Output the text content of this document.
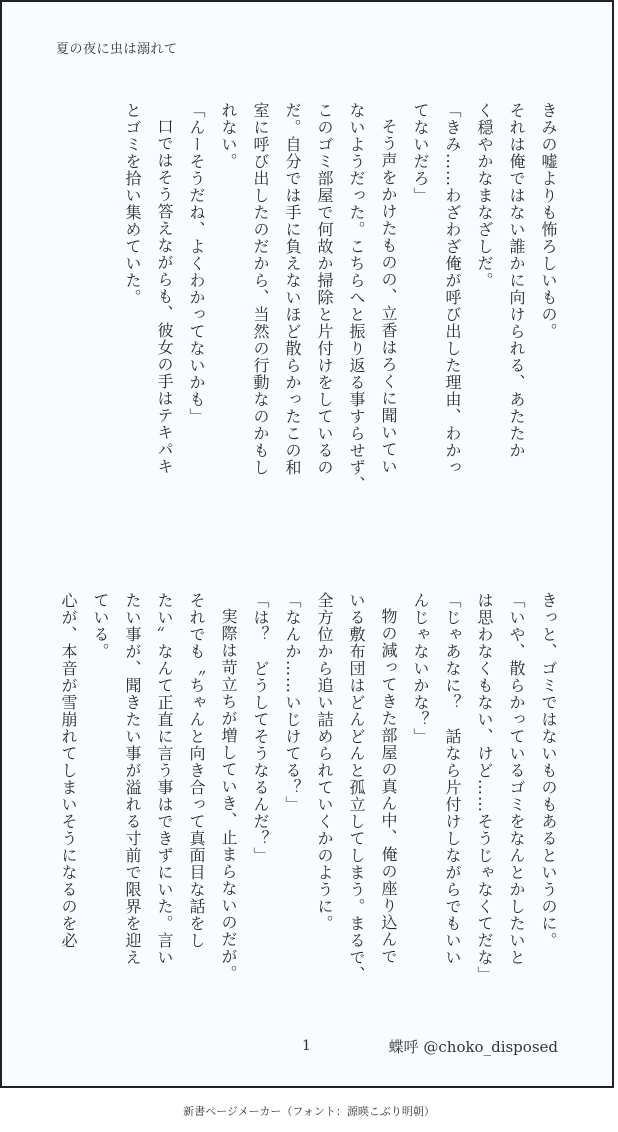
夏の夜に虫は溺れて
きみの嘘よりも怖ろしいもの。
それは俺ではない誰かに向けられる、あたたか
く穏やかなまなざしだ。
「きみ……わざわざ俺が呼び出した理由、わかっ
てないだろ」
そう声をかけたものの、立香はろくに聞いてい
ないようだった。こちらへと振り返る事すらせず、
このゴミ部屋で何故か掃除と片付けをしているの
だ。自分では手に負えないほど散らかったこの和
室に呼び出したのだから、当然の行動なのかもし
れない。
「んーそうだね、よくわかってないかも」
口ではそう答えながらも、彼女の手はテキパキ
とゴミを拾い集めていた。
きっと、ゴミではないものもあるというのに。
「いや、散らかっているゴミをなんとかしたいと
は思わなくもない、けど……そうじゃなくてだな」
「じゃあなに？　話なら片付けしながらでもいい
んじゃないかな？」
物の減ってきた部屋の真ん中、俺の座り込んで
いる敷布団はどんどんと孤立してしまう。まるで、
全方位から追い詰められていくかのように。
「なんか……いじけてる？」
「は？　どうしてそうなるんだ？」
実際は苛立ちが増していき、止まらないのだが。
それでも〝ちゃんと向き合って真面目な話をし
たい〟なんて正直に言う事はできずにいた。言い
たい事が、聞きたい事が溢れる寸前で限界を迎え
ている。
心が、本音が雪崩れてしまいそうになるのを必
1	蝶呼 @choko_disposed
新書ページメーカー（フォント：源暎こぶり明朝）
